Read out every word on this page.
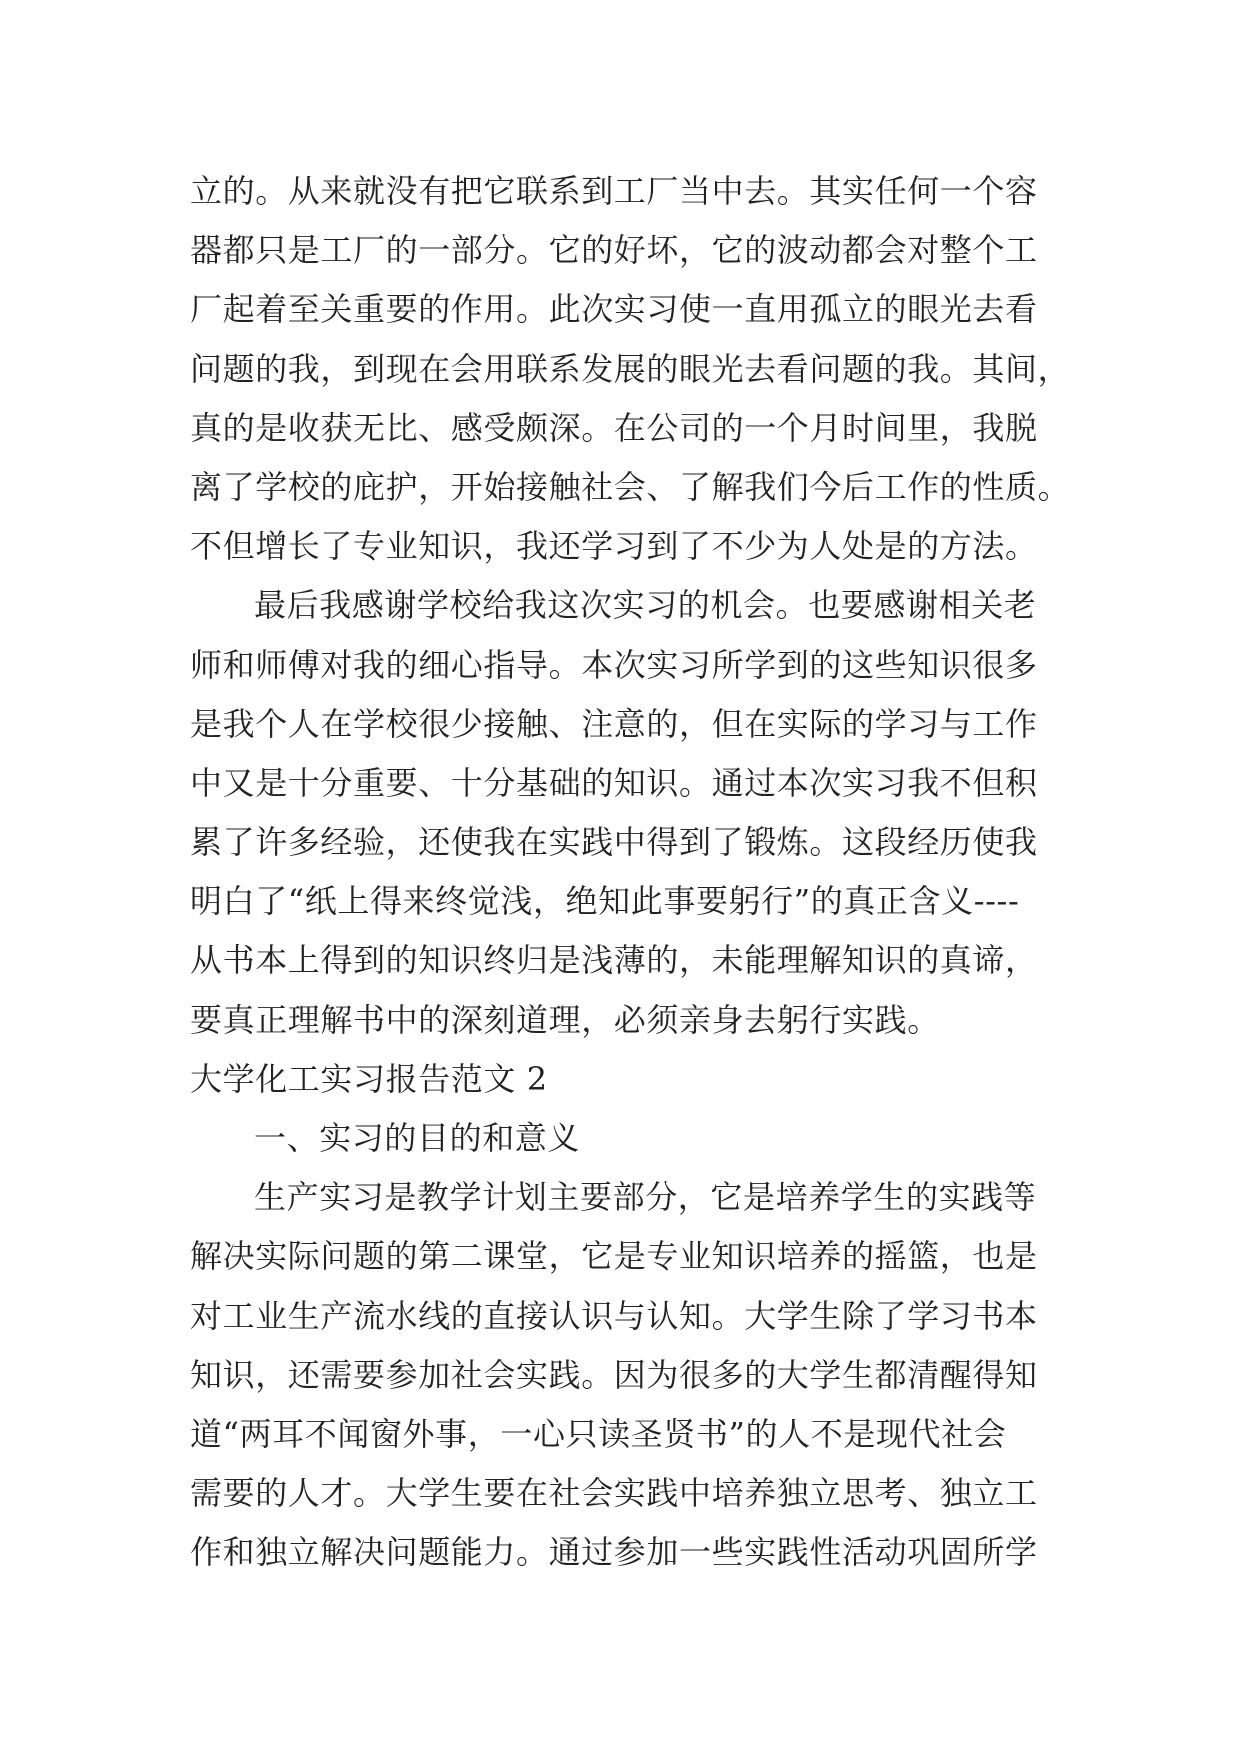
立的。从来就没有把它联系到工厂当中去。其实任何一个容
器都只是工厂的一部分。它的好坏，它的波动都会对整个工
厂起着至关重要的作用。此次实习使一直用孤立的眼光去看
问题的我，到现在会用联系发展的眼光去看问题的我。其间，
真的是收获无比、感受颇深。在公司的一个月时间里，我脱
离了学校的庇护，开始接触社会、了解我们今后工作的性质。
不但增长了专业知识，我还学习到了不少为人处是的方法。
最后我感谢学校给我这次实习的机会。也要感谢相关老
师和师傅对我的细心指导。本次实习所学到的这些知识很多
是我个人在学校很少接触、注意的，但在实际的学习与工作
中又是十分重要、十分基础的知识。通过本次实习我不但积
累了许多经验，还使我在实践中得到了锻炼。这段经历使我
明白了“纸上得来终觉浅，绝知此事要躬行”的真正含义----
从书本上得到的知识终归是浅薄的，未能理解知识的真谛，
要真正理解书中的深刻道理，必须亲身去躬行实践。
大学化工实习报告范文 2
一、实习的目的和意义
生产实习是教学计划主要部分，它是培养学生的实践等
解决实际问题的第二课堂，它是专业知识培养的摇篮，也是
对工业生产流水线的直接认识与认知。大学生除了学习书本
知识，还需要参加社会实践。因为很多的大学生都清醒得知
道“两耳不闻窗外事，一心只读圣贤书”的人不是现代社会
需要的人才。大学生要在社会实践中培养独立思考、独立工
作和独立解决问题能力。通过参加一些实践性活动巩固所学
